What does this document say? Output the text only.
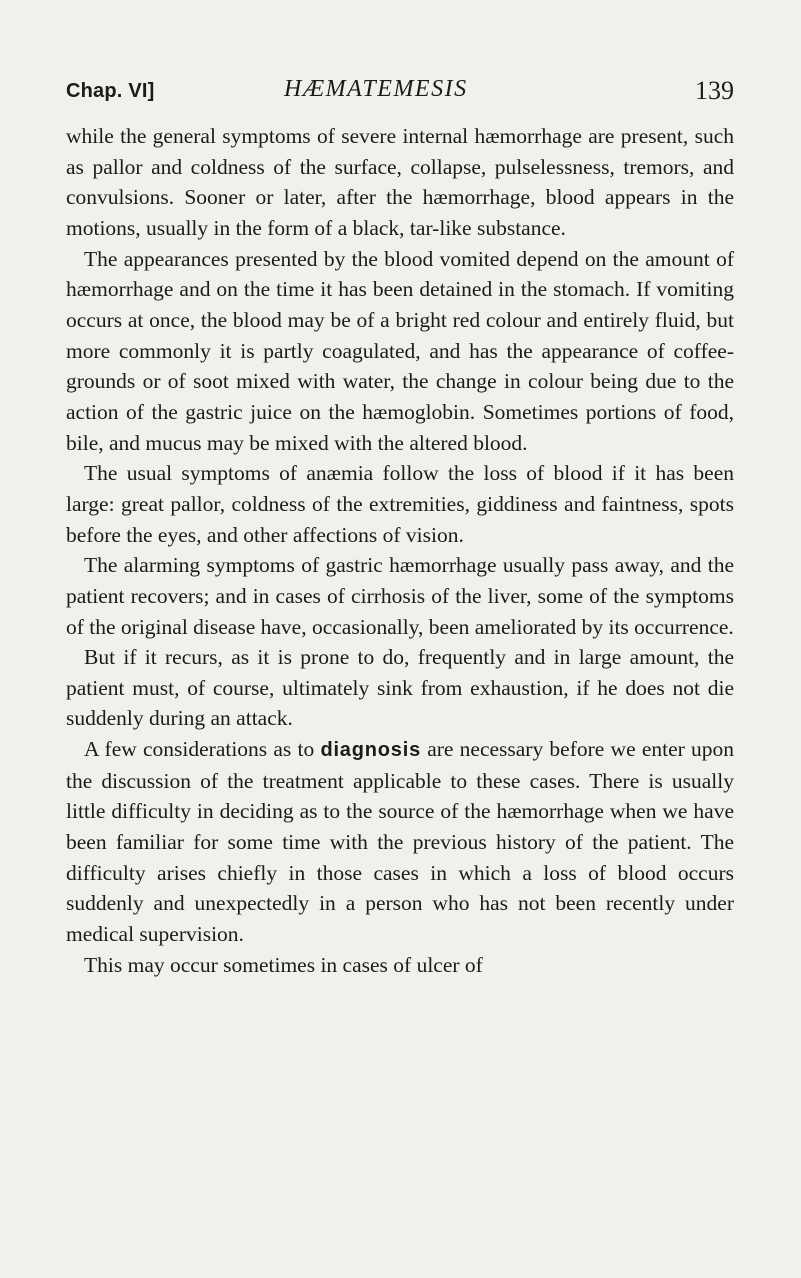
Chap. VI]	HÆMATEMESIS	139

while the general symptoms of severe internal hæmorrhage are present, such as pallor and coldness of the surface, collapse, pulselessness, tremors, and convulsions. Sooner or later, after the hæmorrhage, blood appears in the motions, usually in the form of a black, tar-like substance.

The appearances presented by the blood vomited depend on the amount of hæmorrhage and on the time it has been detained in the stomach. If vomiting occurs at once, the blood may be of a bright red colour and entirely fluid, but more commonly it is partly coagulated, and has the appearance of coffee-grounds or of soot mixed with water, the change in colour being due to the action of the gastric juice on the hæmoglobin. Sometimes portions of food, bile, and mucus may be mixed with the altered blood.

The usual symptoms of anæmia follow the loss of blood if it has been large: great pallor, coldness of the extremities, giddiness and faintness, spots before the eyes, and other affections of vision.

The alarming symptoms of gastric hæmorrhage usually pass away, and the patient recovers; and in cases of cirrhosis of the liver, some of the symptoms of the original disease have, occasionally, been ameliorated by its occurrence.

But if it recurs, as it is prone to do, frequently and in large amount, the patient must, of course, ultimately sink from exhaustion, if he does not die suddenly during an attack.

A few considerations as to diagnosis are necessary before we enter upon the discussion of the treatment applicable to these cases. There is usually little difficulty in deciding as to the source of the hæmorrhage when we have been familiar for some time with the previous history of the patient. The difficulty arises chiefly in those cases in which a loss of blood occurs suddenly and unexpectedly in a person who has not been recently under medical supervision.

This may occur sometimes in cases of ulcer of
